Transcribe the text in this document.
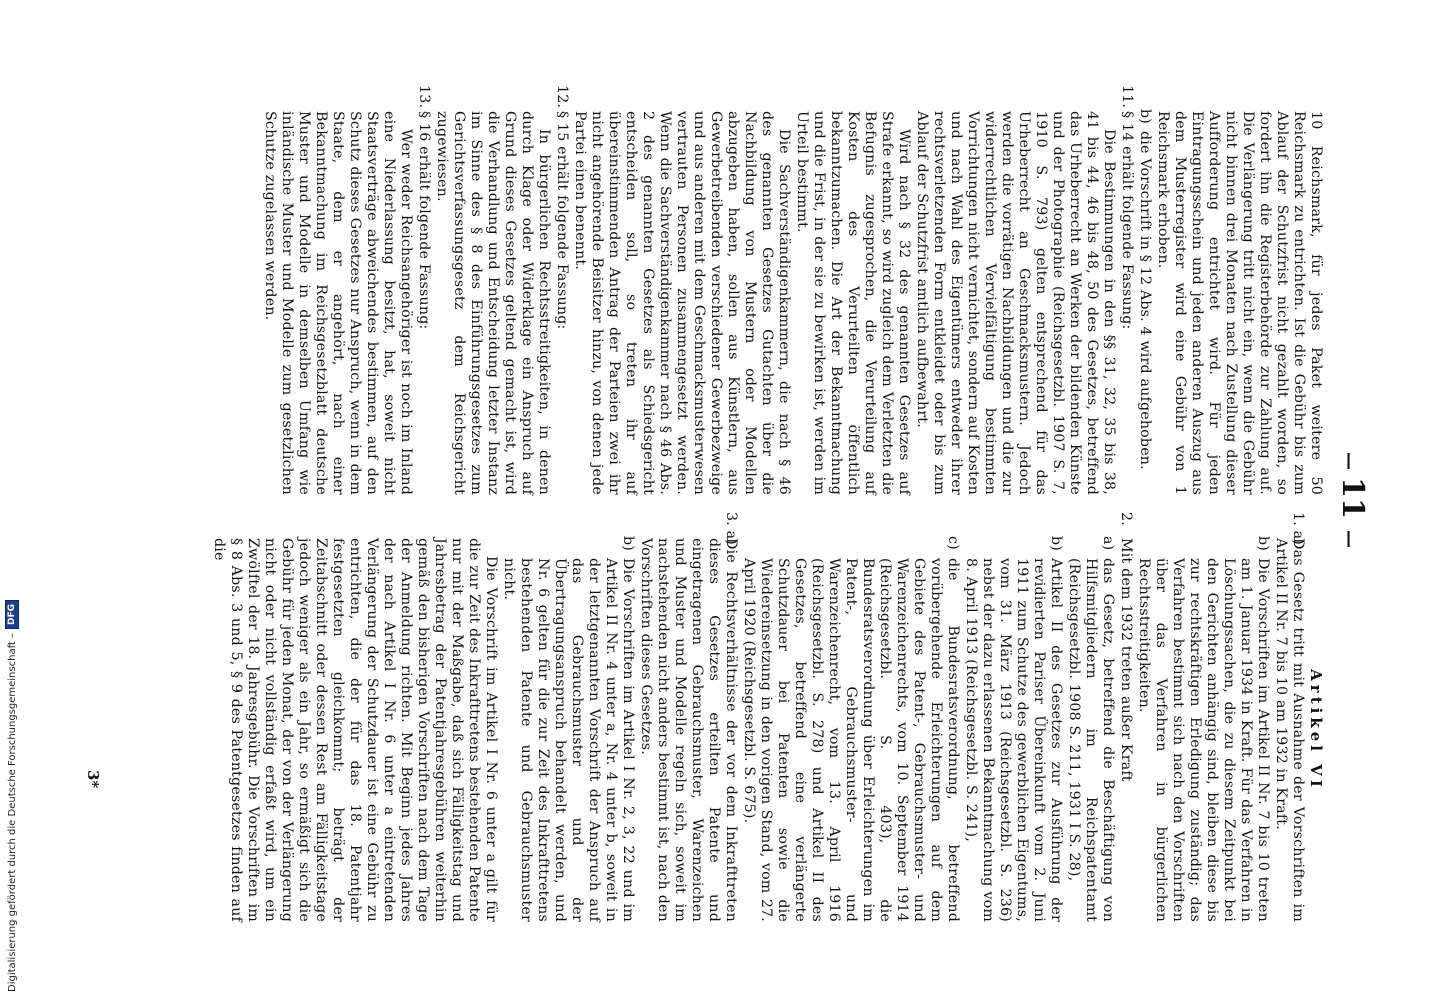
Digitalisierung gefördert durch die Deutsche Forschungsgemeinschaft –
DFG
—
11
—

10 Reichsmark, für jedes Paket weitere 50 Reichsmark zu entrichten. Ist die Gebühr bis zum Ablauf der Schutzfrist nicht gezahlt worden, so fordert ihn die Registerbehörde zur Zahlung auf. Die Verlängerung tritt nicht ein, wenn die Gebühr nicht binnen drei Monaten nach Zustellung dieser Aufforderung entrichtet wird. Für jeden Eintragungsschein und jeden anderen Auszug aus dem Musterregister wird eine Gebühr von 1 Reichsmark erhoben.

b)
die Vorschrift in § 12 Abs. 4 wird aufgehoben.

11.
§ 14 erhält folgende Fassung:

Die Bestimmungen in den §§ 31, 32, 35 bis 38, 41 bis 44, 46 bis 48, 50 des Gesetzes, betreffend das Urheberrecht an Werken der bildenden Künste und der Photographie (Reichsgesetzbl. 1907 S. 7, 1910 S. 793) gelten entsprechend für das Urheberrecht an Geschmacksmustern. Jedoch werden die vorrätigen Nachbildungen und die zur widerrechtlichen Vervielfältigung bestimmten Vorrichtungen nicht vernichtet, sondern auf Kosten und nach Wahl des Eigentümers entweder ihrer rechtsverletzenden Form entkleidet oder bis zum Ablauf der Schutzfrist amtlich aufbewahrt.

Wird nach § 32 des genannten Gesetzes auf Strafe erkannt, so wird zugleich dem Verletzten die Befugnis zugesprochen, die Verurteilung auf Kosten des Verurteilten öffentlich bekanntzumachen. Die Art der Bekanntmachung und die Frist, in der sie zu bewirken ist, werden im Urteil bestimmt.

Die Sachverständigenkammern, die nach § 46 des genannten Gesetzes Gutachten über die Nachbildung von Mustern oder Modellen abzugeben haben, sollen aus Künstlern, aus Gewerbetreibenden verschiedener Gewerbezweige und aus anderen mit dem Geschmacksmusterwesen vertrauten Personen zusammengesetzt werden. Wenn die Sachverständigenkammer nach § 46 Abs. 2 des genannten Gesetzes als Schiedsgericht entscheiden soll, so treten ihr auf übereinstimmenden Antrag der Parteien zwei ihr nicht angehörende Beisitzer hinzu, von denen jede Partei einen benennt.

12.
§ 15 erhält folgende Fassung:

In bürgerlichen Rechtsstreitigkeiten, in denen durch Klage oder Widerklage ein Anspruch auf Grund dieses Gesetzes geltend gemacht ist, wird die Verhandlung und Entscheidung letzter Instanz im Sinne des § 8 des Einführungsgesetzes zum Gerichtsverfassungsgesetz dem Reichsgericht zugewiesen.

13.
§ 16 erhält folgende Fassung:

Wer weder Reichsangehöriger ist noch im Inland eine Niederlassung besitzt, hat, soweit nicht Staatsverträge abweichendes bestimmen, auf den Schutz dieses Gesetzes nur Anspruch, wenn in dem Staate, dem er angehört, nach einer Bekanntmachung im Reichsgesetzblatt deutsche Muster und Modelle in demselben Umfang wie inländische Muster und Modelle zum gesetzlichen Schutze zugelassen werden.

Artikel VI

1. a)
Das Gesetz tritt mit Ausnahme der Vorschriften im Artikel II Nr. 7 bis 10 am 1932 in Kraft.

b)
Die Vorschriften im Artikel II Nr. 7 bis 10 treten am 1. Januar 1934 in Kraft. Für das Verfahren in Löschungssachen, die zu diesem Zeitpunkt bei den Gerichten anhängig sind, bleiben diese bis zur rechtskräftigen Erledigung zuständig; das Verfahren bestimmt sich nach den Vorschriften über das Verfahren in bürgerlichen Rechtsstreitigkeiten.

2.
Mit dem 1932 treten außer Kraft

a)
das Gesetz, betreffend die Beschäftigung von Hilfsmitgliedern im Reichspatentamt (Reichsgesetzbl. 1908 S. 211, 1931 I S. 28),

b)
Artikel II des Gesetzes zur Ausführung der revidierten Pariser Übereinkunft vom 2. Juni 1911 zum Schutze des gewerblichen Eigentums, vom 31. März 1913 (Reichsgesetzbl. S. 236) nebst der dazu erlassenen Bekanntmachung vom 8. April 1913 (Reichsgesetzbl. S. 241),

c)
die Bundesratsverordnung, betreffend vorübergehende Erleichterungen auf dem Gebiete des Patent-, Gebrauchsmuster- und Warenzeichenrechts, vom 10. September 1914 (Reichsgesetzbl. S. 403), die Bundesratsverordnung über Erleichterungen im Patent-, Gebrauchsmuster- und Warenzeichenrecht, vom 13. April 1916 (Reichsgesetzbl. S. 278) und Artikel II des Gesetzes, betreffend eine verlängerte Schutzdauer bei Patenten sowie die Wiedereinsetzung in den vorigen Stand, vom 27. April 1920 (Reichsgesetzbl. S. 675).

3. a)
Die Rechtsverhältnisse der vor dem Inkrafttreten dieses Gesetzes erteilten Patente und eingetragenen Gebrauchsmuster, Warenzeichen und Muster und Modelle regeln sich, soweit im nachstehenden nicht anders bestimmt ist, nach den Vorschriften dieses Gesetzes.

b)
Die Vorschriften im Artikel I Nr. 2, 3, 22 und im Artikel II Nr. 4 unter a, Nr. 4 unter b, soweit in der letztgenannten Vorschrift der Anspruch auf das Gebrauchsmuster und der Übertragungsanspruch behandelt werden, und Nr. 6 gelten für die zur Zeit des Inkrafttretens bestehenden Patente und Gebrauchsmuster nicht.

Die Vorschrift im Artikel I Nr. 6 unter a gilt für die zur Zeit des Inkrafttretens bestehenden Patente nur mit der Maßgabe, daß sich Fälligkeitstag und Jahresbetrag der Patentjahresgebühren weiterhin gemäß den bisherigen Vorschriften nach dem Tage der Anmeldung richten. Mit Beginn jedes Jahres der nach Artikel I Nr. 6 unter a eintretenden Verlängerung der Schutzdauer ist eine Gebühr zu entrichten, die der für das 18. Patentjahr festgesetzten gleichkommt; beträgt der Zeitabschnitt oder dessen Rest am Fälligkeitstage jedoch weniger als ein Jahr, so ermäßigt sich die Gebühr für jeden Monat, der von der Verlängerung nicht oder nicht vollständig erfaßt wird, um ein Zwölftel der 18. Jahresgebühr. Die Vorschriften im § 8 Abs. 3 und 5, § 9 des Patentgesetzes finden auf die

3*
